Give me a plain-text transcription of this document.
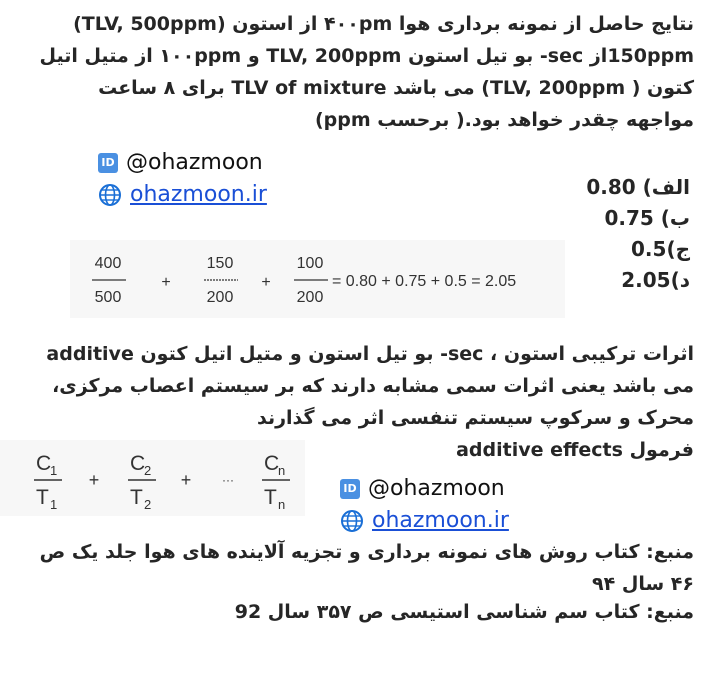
نتایج حاصل از نمونه برداری هوا ۴۰۰pm از استون (TLV, 500ppm) 150ppmاز sec- بو تیل استون TLV, 200ppm و ۱۰۰ppm از متیل اتیل کتون ( TLV, 200ppm) می باشد TLV of mixture برای ۸ ساعت مواجهه چقدر خواهد بود.( برحسب ppm)
ID @ohazmoon
ohazmoon.ir	الف) 0.80
ب) 0.75
ج)0.5
د)2.05
400
500
+
150
200
+
100
200
= 0.80 + 0.75 + 0.5 = 2.05
اثرات ترکیبی استون ، sec- بو تیل استون و متیل اتیل کتون additive می باشد یعنی اثرات سمی مشابه دارند که بر سیستم اعصاب مرکزی، محرک و سرکوپ سیستم تنفسی اثر می گذارند
فرمول additive effects
C
1
T 1
+
C
2
T 2
+	···
C
n
T n
ID @ohazmoon
ohazmoon.ir
منبع: کتاب روش های نمونه برداری و تجزیه آلاینده های هوا جلد یک ص ۴۶ سال ۹۴
منبع: کتاب سم شناسی استیسی ص ۳۵۷ سال 92
